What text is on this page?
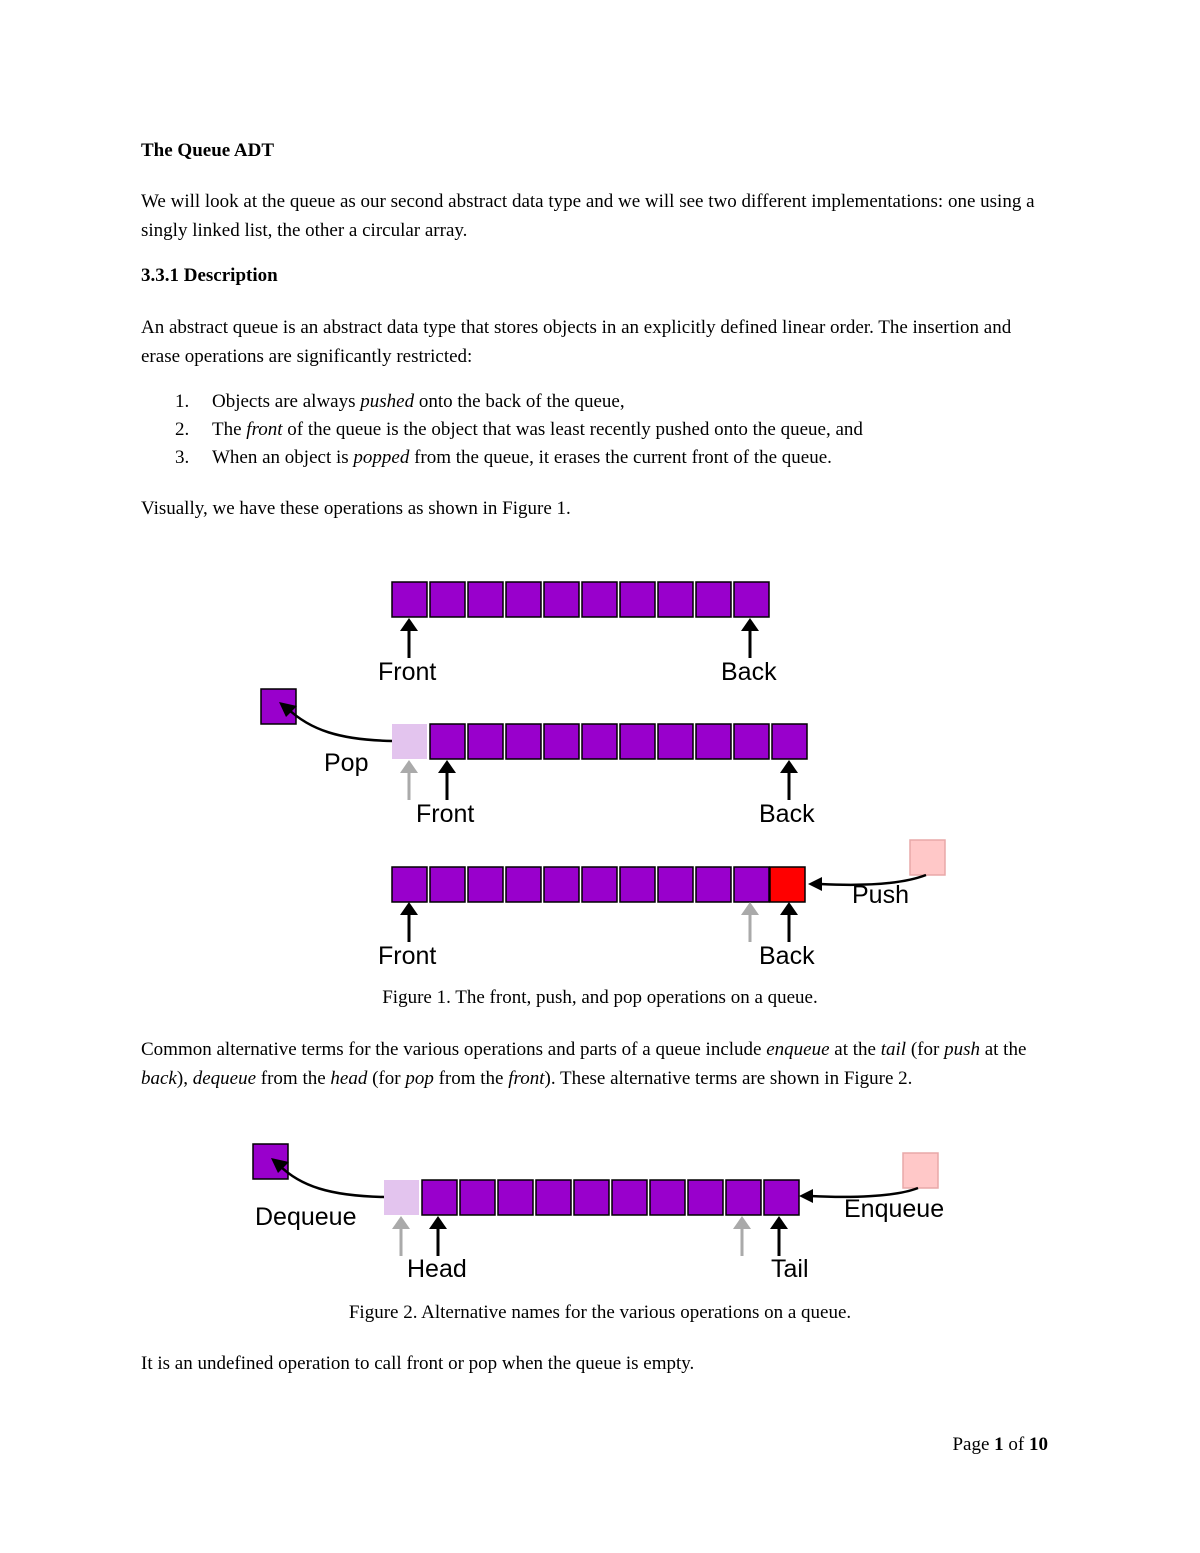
The Queue ADT

We will look at the queue as our second abstract data type and we will see two different implementations: one using a singly linked list, the other a circular array.

3.3.1 Description

An abstract queue is an abstract data type that stores objects in an explicitly defined linear order. The insertion and erase operations are significantly restricted:

1. Objects are always pushed onto the back of the queue,
2. The front of the queue is the object that was least recently pushed onto the queue, and
3. When an object is popped from the queue, it erases the current front of the queue.

Visually, we have these operations as shown in Figure 1.

Front	Back
Pop
Front	Back
Push
Front	Back
Dequeue	Enqueue
Head	Tail
Figure 1. The front, push, and pop operations on a queue.

Common alternative terms for the various operations and parts of a queue include enqueue at the tail (for push at the back), dequeue from the head (for pop from the front). These alternative terms are shown in Figure 2.

Figure 2. Alternative names for the various operations on a queue.

It is an undefined operation to call front or pop when the queue is empty.

Page 1 of 10
